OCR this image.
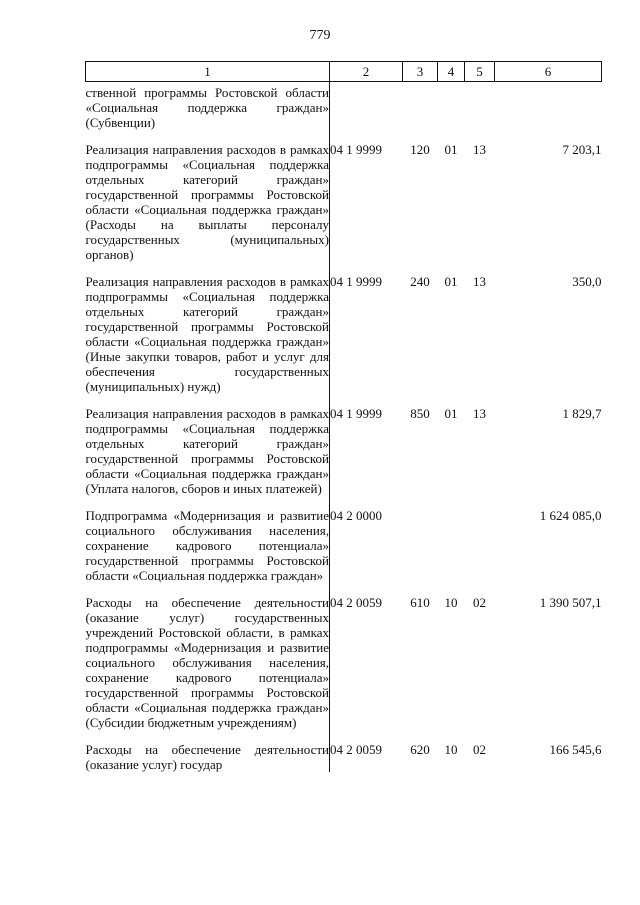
779
1	2	3	4	5	6
ственной программы Ростовской области «Социальная поддержка граждан» (Субвенции)					
Реализация направления расходов в рамках подпрограммы «Социальная поддержка отдельных категорий граждан» государственной программы Ростовской области «Социальная поддержка граждан» (Расходы на выплаты персоналу государственных (муниципальных) органов)	04 1 9999	120	01	13	7 203,1
Реализация направления расходов в рамках подпрограммы «Социальная поддержка отдельных категорий граждан» государственной программы Ростовской области «Социальная поддержка граждан» (Иные закупки товаров, работ и услуг для обеспечения государственных (муниципальных) нужд)	04 1 9999	240	01	13	350,0
Реализация направления расходов в рамках подпрограммы «Социальная поддержка отдельных категорий граждан» государственной программы Ростовской области «Социальная поддержка граждан» (Уплата налогов, сборов и иных платежей)	04 1 9999	850	01	13	1 829,7
Подпрограмма «Модернизация и развитие социального обслуживания населения, сохранение кадрового потенциала» государственной программы Ростовской области «Социальная поддержка граждан»	04 2 0000				1 624 085,0
Расходы на обеспечение деятельности (оказание услуг) государственных учреждений Ростовской области, в рамках подпрограммы «Модернизация и развитие социального обслуживания населения, сохранение кадрового потенциала» государственной программы Ростовской области «Социальная поддержка граждан» (Субсидии бюджетным учреждениям)	04 2 0059	610	10	02	1 390 507,1
Расходы на обеспечение деятельности (оказание услуг) государ	04 2 0059	620	10	02	166 545,6
